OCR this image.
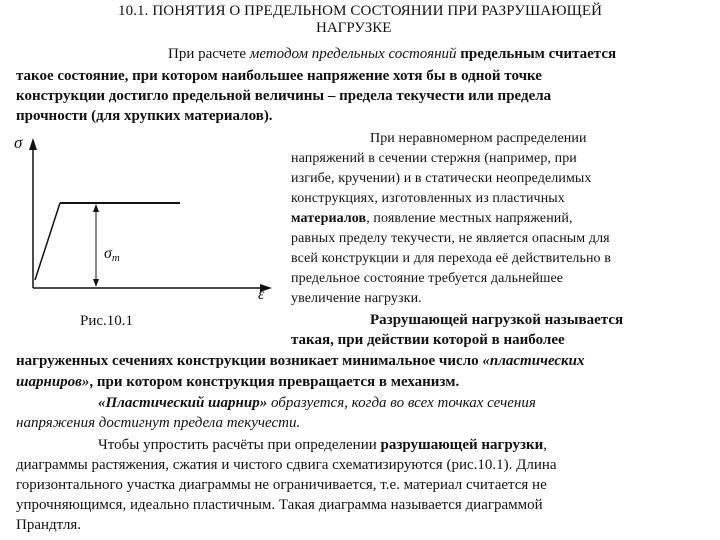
10.1. ПОНЯТИЯ О ПРЕДЕЛЬНОМ СОСТОЯНИИ ПРИ РАЗРУШАЮЩЕЙ
НАГРУЗКЕ
При расчете методом предельных состояний предельным считается
такое состояние, при котором наибольшее напряжение хотя бы в одной точке
конструкции достигло предельной величины – предела текучести или предела
прочности (для хрупких материалов).
σ
σт
ε
Рис.10.1
При неравномерном распределении
напряжений в сечении стержня (например, при
изгибе, кручении) и в статически неопределимых
конструкциях, изготовленных из пластичных
материалов, появление местных напряжений,
равных пределу текучести, не является опасным для
всей конструкции и для перехода её действительно в
предельное состояние требуется дальнейшее
увеличение нагрузки.
Разрушающей нагрузкой называется
такая, при действии которой в наиболее
нагруженных сечениях конструкции возникает минимальное число «пластических
шарниров», при котором конструкция превращается в механизм.
«Пластический шарнир» образуется, когда во всех точках сечения
напряжения достигнут предела текучести.
Чтобы упростить расчёты при определении разрушающей нагрузки,
диаграммы растяжения, сжатия и чистого сдвига схематизируются (рис.10.1). Длина
горизонтального участка диаграммы не ограничивается, т.е. материал считается не
упрочняющимся, идеально пластичным. Такая диаграмма называется диаграммой
Прандтля.
